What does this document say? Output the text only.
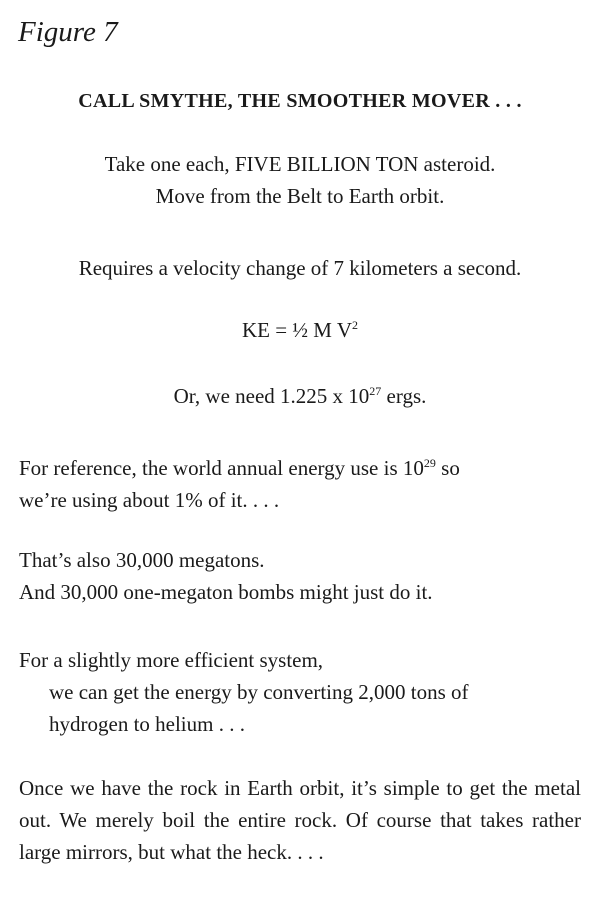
Figure 7
CALL SMYTHE, THE SMOOTHER MOVER . . .
Take one each, FIVE BILLION TON asteroid.
Move from the Belt to Earth orbit.
Requires a velocity change of 7 kilometers a second.
KE = ½ M $V^2$
Or, we need 1.225 x $10^{27}$ ergs.
For reference, the world annual energy use is $10^{29}$ so
we’re using about 1% of it. . . .
That’s also 30,000 megatons.
And 30,000 one-megaton bombs might just do it.
For a slightly more efficient system,
we can get the energy by converting 2,000 tons of
hydrogen to helium . . .
Once we have the rock in Earth orbit, it’s simple to get the metal out. We merely boil the entire rock. Of course that takes rather large mirrors, but what the heck. . . .
